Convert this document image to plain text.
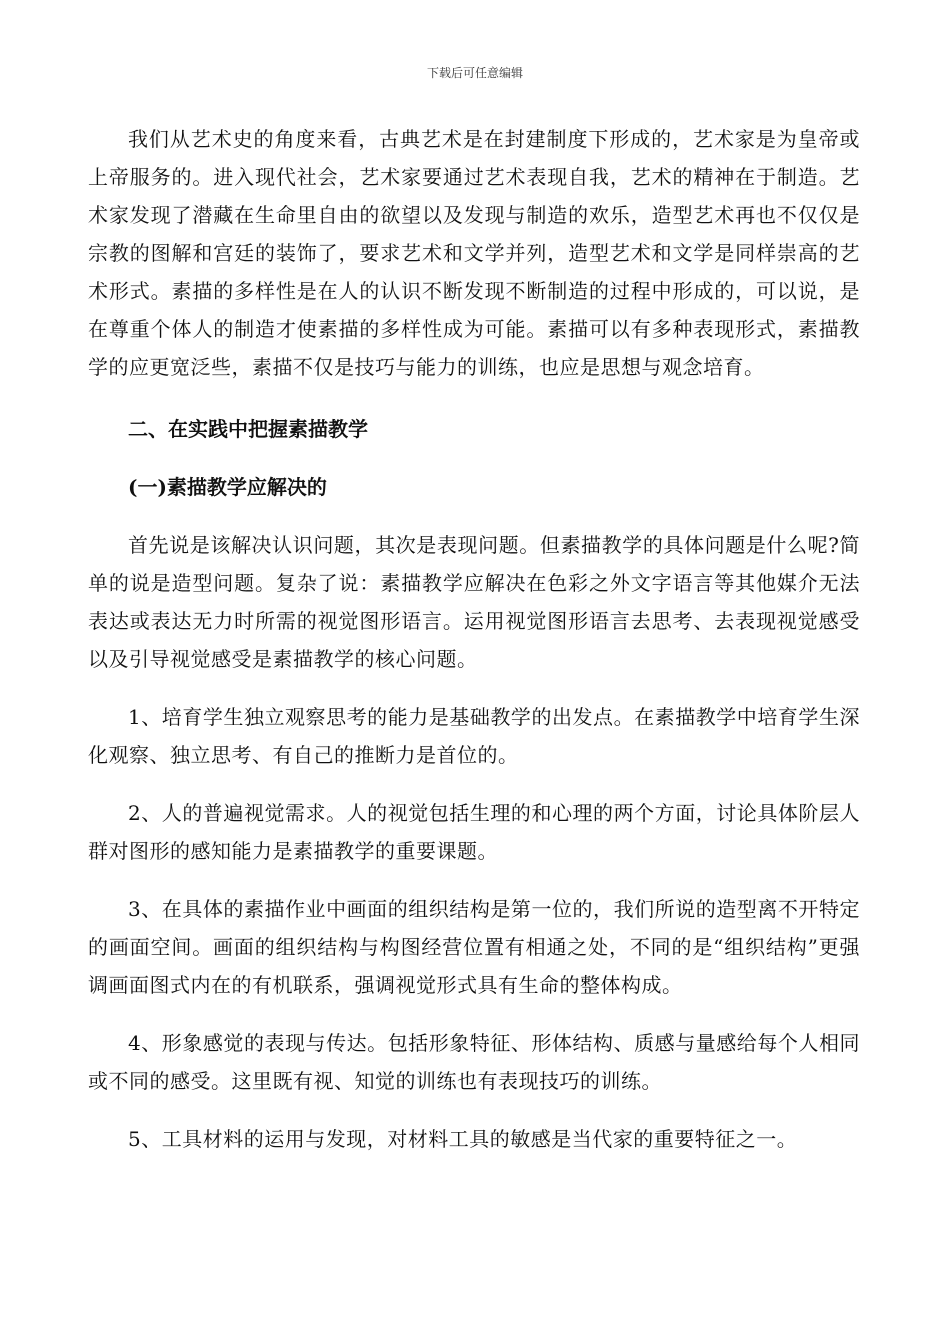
下载后可任意编辑

我们从艺术史的角度来看，古典艺术是在封建制度下形成的，艺术家是为皇帝或上帝服务的。进入现代社会，艺术家要通过艺术表现自我，艺术的精神在于制造。艺术家发现了潜藏在生命里自由的欲望以及发现与制造的欢乐，造型艺术再也不仅仅是宗教的图解和宫廷的装饰了，要求艺术和文学并列，造型艺术和文学是同样崇高的艺术形式。素描的多样性是在人的认识不断发现不断制造的过程中形成的，可以说，是在尊重个体人的制造才使素描的多样性成为可能。素描可以有多种表现形式，素描教学的应更宽泛些，素描不仅是技巧与能力的训练，也应是思想与观念培育。

二、在实践中把握素描教学
(一)素描教学应解决的

首先说是该解决认识问题，其次是表现问题。但素描教学的具体问题是什么呢?简单的说是造型问题。复杂了说：素描教学应解决在色彩之外文字语言等其他媒介无法表达或表达无力时所需的视觉图形语言。运用视觉图形语言去思考、去表现视觉感受以及引导视觉感受是素描教学的核心问题。

1、培育学生独立观察思考的能力是基础教学的出发点。在素描教学中培育学生深化观察、独立思考、有自己的推断力是首位的。

2、人的普遍视觉需求。人的视觉包括生理的和心理的两个方面，讨论具体阶层人群对图形的感知能力是素描教学的重要课题。

3、在具体的素描作业中画面的组织结构是第一位的，我们所说的造型离不开特定的画面空间。画面的组织结构与构图经营位置有相通之处，不同的是“组织结构”更强调画面图式内在的有机联系，强调视觉形式具有生命的整体构成。

4、形象感觉的表现与传达。包括形象特征、形体结构、质感与量感给每个人相同或不同的感受。这里既有视、知觉的训练也有表现技巧的训练。

5、工具材料的运用与发现，对材料工具的敏感是当代家的重要特征之一。
